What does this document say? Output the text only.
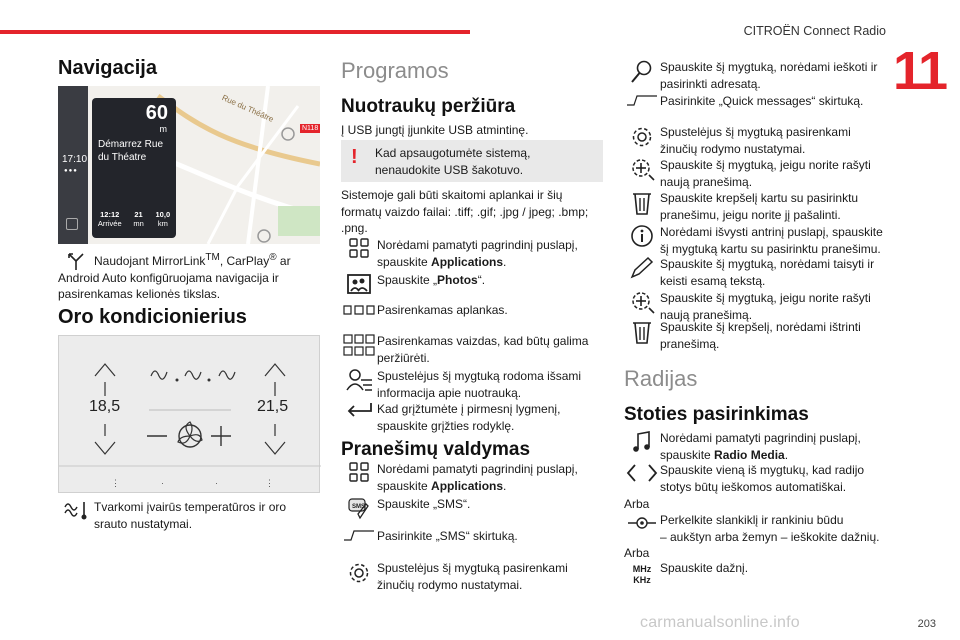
CITROËN Connect Radio
11
203
carmanualsonline.info
Navigacija
17:10
●●●
Rue du Théâtre
N118
60
m
Démarrez Rue du Théatre
12:12
Arrivée
21
mn
10,0
km
Naudojant MirrorLink™, CarPlay® ar Android Auto konfigūruojama navigacija ir pasirenkamas kelionės tikslas.
Oro kondicionierius
⋮	·	·	⋮
18,5	21,5
Tvarkomi įvairūs temperatūros ir oro srauto nustatymai.
Programos
Nuotraukų peržiūra
Į USB jungtį įjunkite USB atmintinę.
! Kad apsaugotumėte sistemą, nenaudokite USB šakotuvo.
Sistemoje gali būti skaitomi aplankai ir šių formatų vaizdo failai: .tiff; .gif; .jpg / jpeg; .bmp; .png.
Norėdami pamatyti pagrindinį puslapį, spauskite Applications.
Spauskite „Photos“.
Pasirenkamas aplankas.
Pasirenkamas vaizdas, kad būtų galima peržiūrėti.
Spustelėjus šį mygtuką rodoma išsami informacija apie nuotrauką.
Kad grįžtumėte į pirmesnį lygmenį, spauskite grįžties rodyklę.
Pranešimų valdymas
Norėdami pamatyti pagrindinį puslapį, spauskite Applications.
SMS Spauskite „SMS“.
Pasirinkite „SMS“ skirtuką.
Spustelėjus šį mygtuką pasirenkami žinučių rodymo nustatymai.
Spauskite šį mygtuką, norėdami ieškoti ir pasirinkti adresatą.
Pasirinkite „Quick messages“ skirtuką.
Spustelėjus šį mygtuką pasirenkami žinučių rodymo nustatymai.
Spauskite šį mygtuką, jeigu norite rašyti naują pranešimą.
Spauskite krepšelį kartu su pasirinktu pranešimu, jeigu norite jį pašalinti.
Norėdami išvysti antrinį puslapį, spauskite šį mygtuką kartu su pasirinktu pranešimu.
Spauskite šį mygtuką, norėdami taisyti ir keisti esamą tekstą.
Spauskite šį mygtuką, jeigu norite rašyti naują pranešimą.
Spauskite šį krepšelį, norėdami ištrinti pranešimą.
Radijas
Stoties pasirinkimas
Norėdami pamatyti pagrindinį puslapį, spauskite Radio Media.
Spauskite vieną iš mygtukų, kad radijo stotys būtų ieškomos automatiškai.
Arba
Perkelkite slankiklį ir rankiniu būdu
– aukštyn arba žemyn – ieškokite dažnių.
Arba
MHz
KHz
Spauskite dažnį.
